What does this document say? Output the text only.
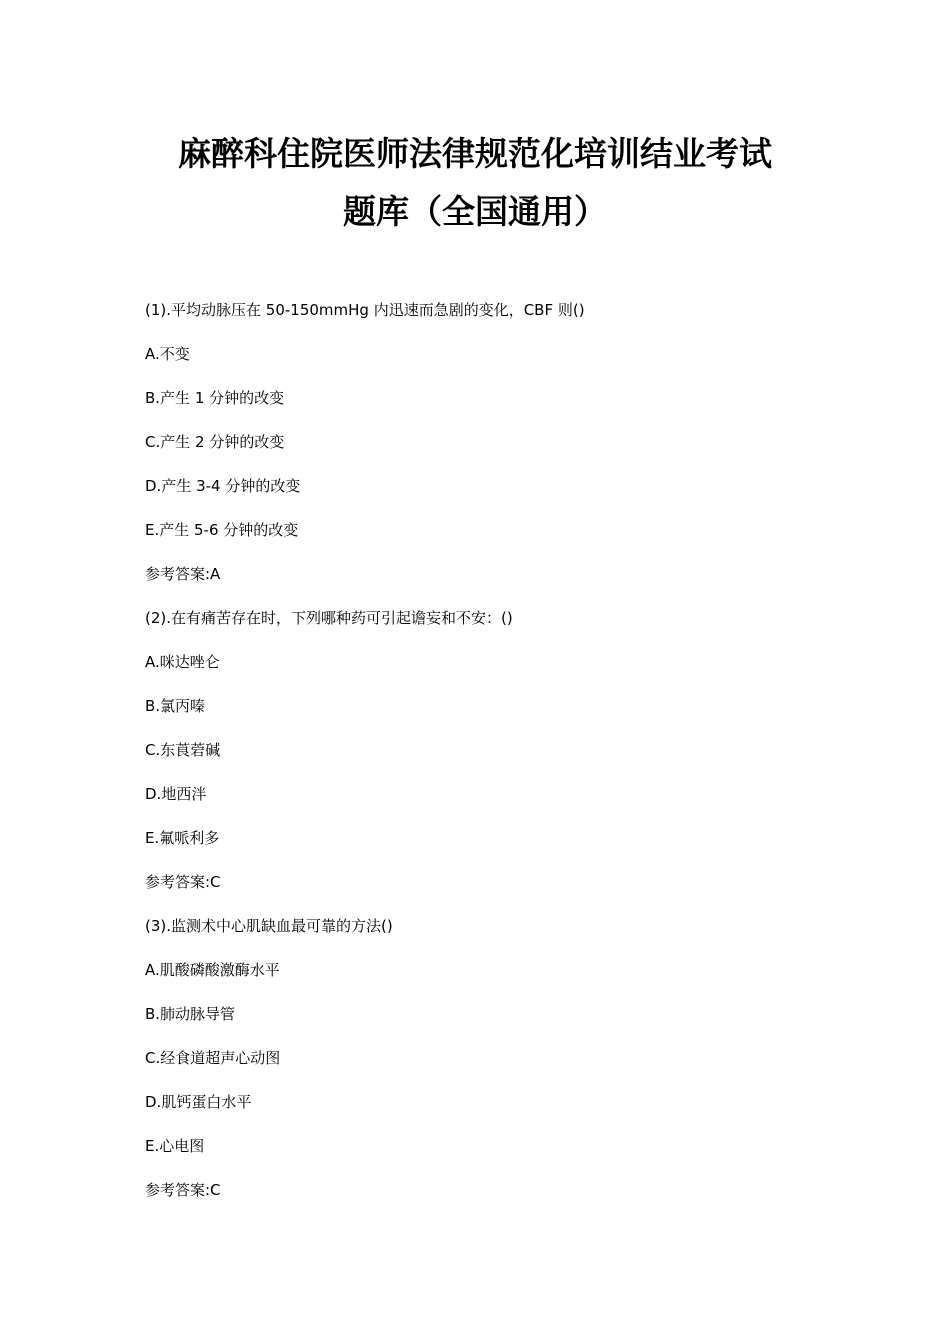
麻醉科住院医师法律规范化培训结业考试
题库（全国通用）
(1).平均动脉压在 50-150mmHg 内迅速而急剧的变化，CBF 则()
A.不变
B.产生 1 分钟的改变
C.产生 2 分钟的改变
D.产生 3-4 分钟的改变
E.产生 5-6 分钟的改变
参考答案:A
(2).在有痛苦存在时，下列哪种药可引起谵妄和不安：()
A.咪达唑仑
B.氯丙嗪
C.东莨菪碱
D.地西泮
E.氟哌利多
参考答案:C
(3).监测术中心肌缺血最可靠的方法()
A.肌酸磷酸激酶水平
B.肺动脉导管
C.经食道超声心动图
D.肌钙蛋白水平
E.心电图
参考答案:C
